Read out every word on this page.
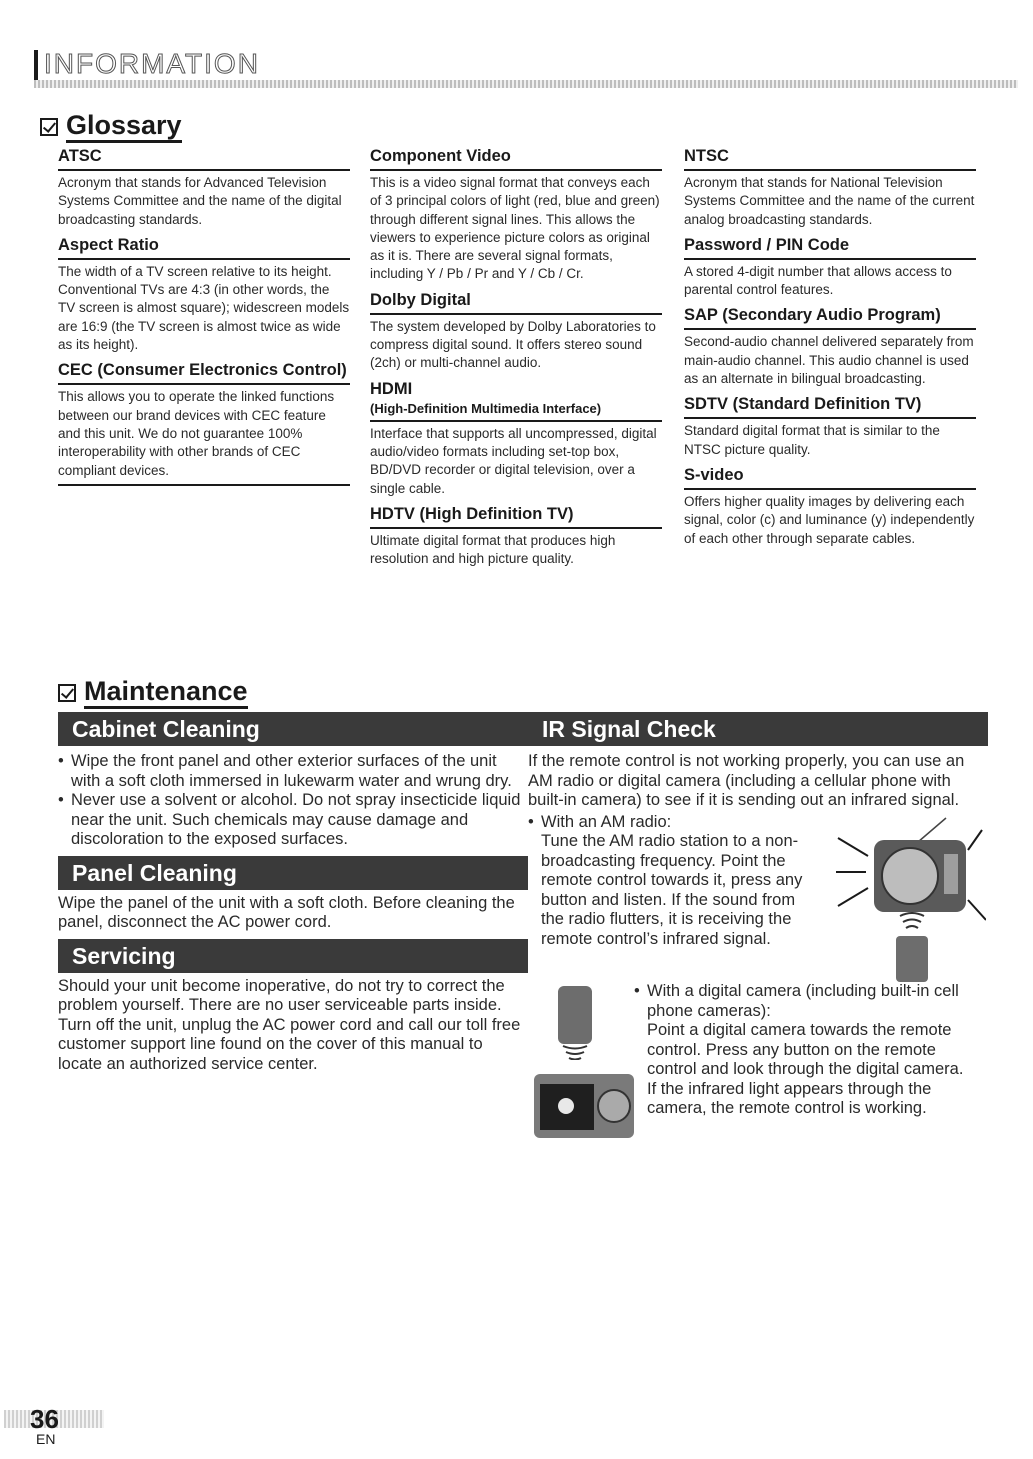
INFORMATION
Glossary
ATSC
Acronym that stands for Advanced Television Systems Committee and the name of the digital broadcasting standards.
Aspect Ratio
The width of a TV screen relative to its height. Conventional TVs are 4:3 (in other words, the TV screen is almost square); widescreen models are 16:9 (the TV screen is almost twice as wide as its height).
CEC (Consumer Electronics Control)
This allows you to operate the linked functions between our brand devices with CEC feature and this unit. We do not guarantee 100% interoperability with other brands of CEC compliant devices.
Component Video
This is a video signal format that conveys each of 3 principal colors of light (red, blue and green) through different signal lines. This allows the viewers to experience picture colors as original as it is. There are several signal formats, including Y / Pb / Pr and Y / Cb / Cr.
Dolby Digital
The system developed by Dolby Laboratories to compress digital sound. It offers stereo sound (2ch) or multi-channel audio.
HDMI
(High-Definition Multimedia Interface)
Interface that supports all uncompressed, digital audio/video formats including set-top box, BD/DVD recorder or digital television, over a single cable.
HDTV (High Definition TV)
Ultimate digital format that produces high resolution and high picture quality.
NTSC
Acronym that stands for National Television Systems Committee and the name of the current analog broadcasting standards.
Password / PIN Code
A stored 4-digit number that allows access to parental control features.
SAP (Secondary Audio Program)
Second-audio channel delivered separately from main-audio channel. This audio channel is used as an alternate in bilingual broadcasting.
SDTV (Standard Definition TV)
Standard digital format that is similar to the NTSC picture quality.
S-video
Offers higher quality images by delivering each signal, color (c) and luminance (y) independently of each other through separate cables.
Maintenance
Cabinet Cleaning
• Wipe the front panel and other exterior surfaces of the unit with a soft cloth immersed in lukewarm water and wrung dry.
• Never use a solvent or alcohol. Do not spray insecticide liquid near the unit. Such chemicals may cause damage and discoloration to the exposed surfaces.
Panel Cleaning
Wipe the panel of the unit with a soft cloth. Before cleaning the panel, disconnect the AC power cord.
Servicing
Should your unit become inoperative, do not try to correct the problem yourself. There are no user serviceable parts inside. Turn off the unit, unplug the AC power cord and call our toll free customer support line found on the cover of this manual to locate an authorized service center.
IR Signal Check
If the remote control is not working properly, you can use an AM radio or digital camera (including a cellular phone with built-in camera) to see if it is sending out an infrared signal.
• With an AM radio:
Tune the AM radio station to a non-broadcasting frequency. Point the remote control towards it, press any button and listen. If the sound from the radio flutters, it is receiving the remote control’s infrared signal.
• With a digital camera (including built-in cell phone cameras):
Point a digital camera towards the remote control. Press any button on the remote control and look through the digital camera. If the infrared light appears through the camera, the remote control is working.
36
EN
